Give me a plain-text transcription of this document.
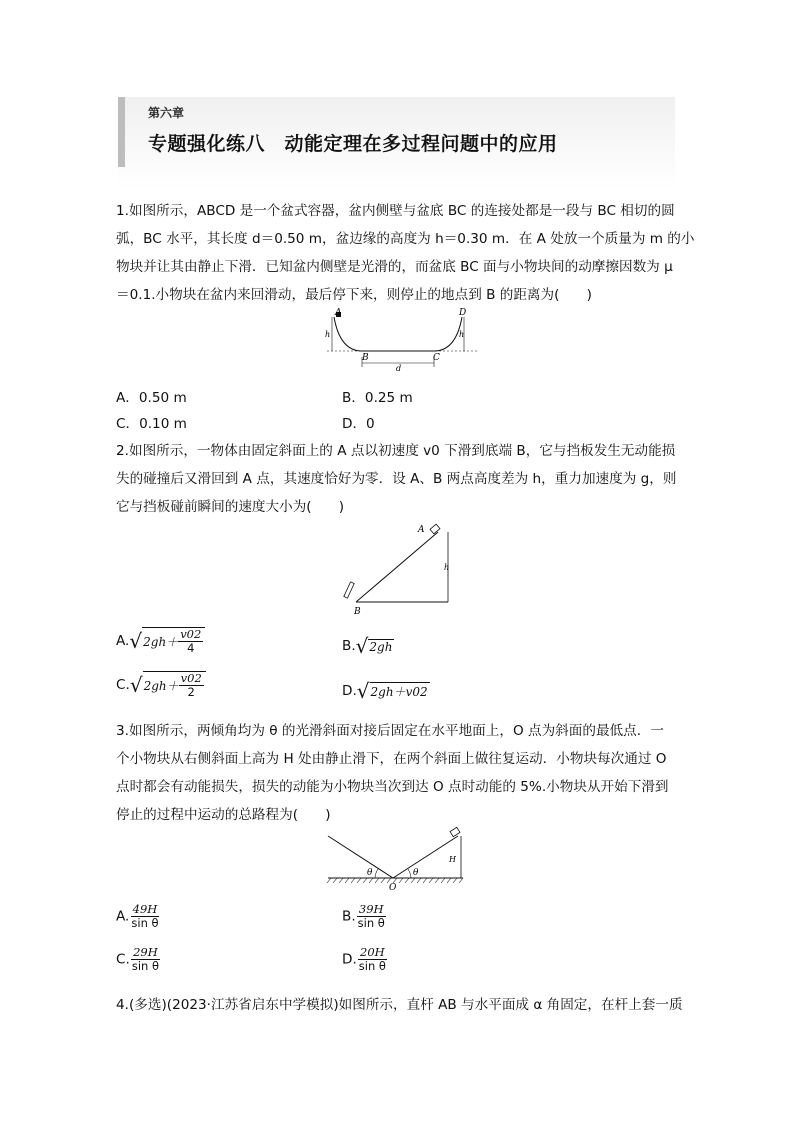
第六章
专题强化练八　动能定理在多过程问题中的应用
1.如图所示，ABCD 是一个盆式容器，盆内侧壁与盆底 BC 的连接处都是一段与 BC 相切的圆
弧，BC 水平，其长度 d＝0.50 m，盆边缘的高度为 h＝0.30 m．在 A 处放一个质量为 m 的小
物块并让其由静止下滑．已知盆内侧壁是光滑的，而盆底 BC 面与小物块间的动摩擦因数为 μ
＝0.1.小物块在盆内来回滑动，最后停下来，则停止的地点到 B 的距离为(　　)
A	D
B	C
h	h
d
A．0.50 m	B．0.25 m
C．0.10 m	D．0
2.如图所示，一物体由固定斜面上的 A 点以初速度 v0 下滑到底端 B，它与挡板发生无动能损
失的碰撞后又滑回到 A 点，其速度恰好为零．设 A、B 两点高度差为 h，重力加速度为 g，则
它与挡板碰前瞬间的速度大小为(　　)
A
B
h
A. √ $2gh+ \frac{v02}{4}$	B. √ 2gh
C. √ $2gh+ \frac{v02}{2}$	D. √ 2gh＋v02
3.如图所示，两倾角均为 θ 的光滑斜面对接后固定在水平地面上，O 点为斜面的最低点．一
个小物块从右侧斜面上高为 H 处由静止滑下，在两个斜面上做往复运动．小物块每次通过 O
点时都会有动能损失，损失的动能为小物块当次到达 O 点时动能的 5%.小物块从开始下滑到
停止的过程中运动的总路程为(　　)
θ	θ
O
H
A. $\frac{49H}{\text{sin θ}}$	B. $\frac{39H}{\text{sin θ}}$
C. $\frac{29H}{\text{sin θ}}$	D. $\frac{20H}{\text{sin θ}}$
4.(多选)(2023·江苏省启东中学模拟)如图所示，直杆 AB 与水平面成 α 角固定，在杆上套一质
